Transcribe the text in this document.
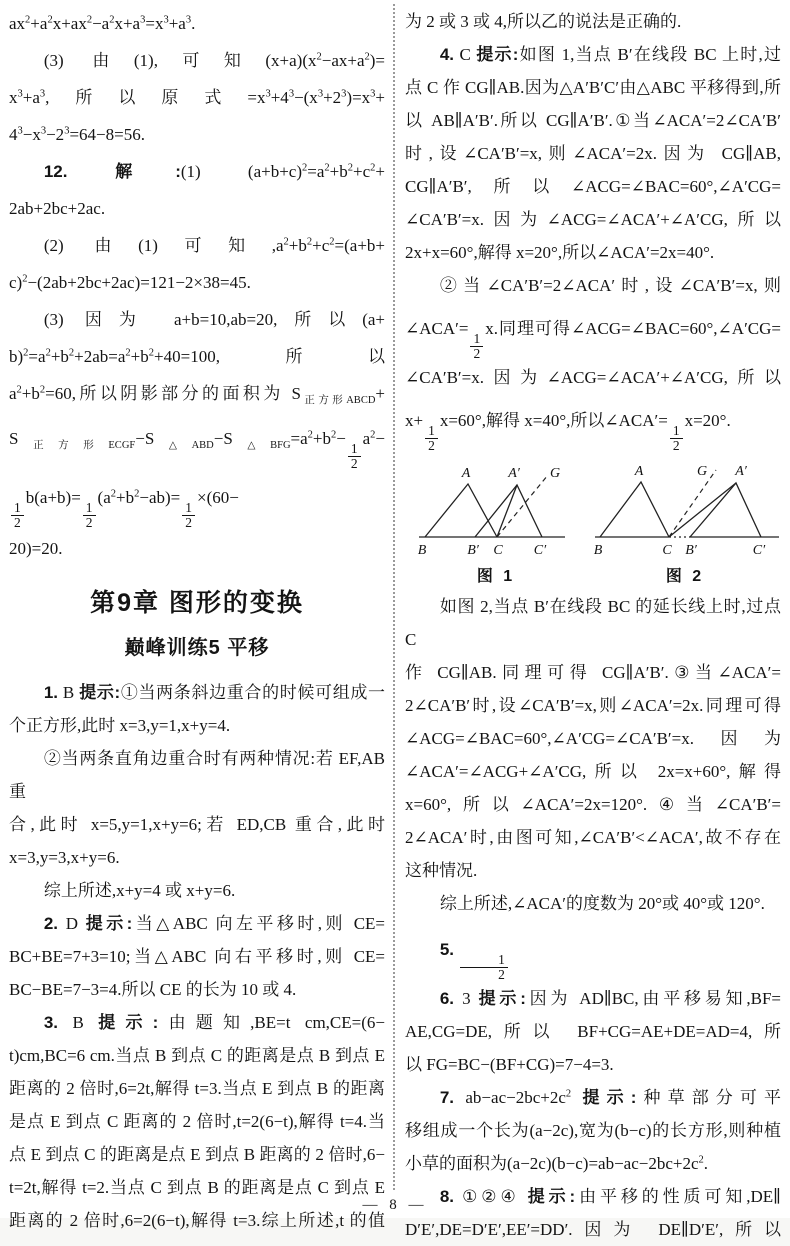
$ax^2+a^2x+ax^2-a^2x+a^3=x^3+a^3$.
(3) 由(1),可知$(x+a)(x^2-ax+a^2)=$
$x^3+a^3$,所以原式$=x^3+4^3-(x^3+2^3)=x^3+$
$4^3-x^3-2^3=64-8=56$.
12. 解:(1) $(a+b+c)^2=a^2+b^2+c^2+$
2ab+2bc+2ac.
(2) 由(1)可知$,a^2+b^2+c^2=(a+b+$
c)$^2$−(2ab+2bc+2ac)=121−2×38=45.
(3) 因为 a+b=10,ab=20,所以(a+
$b)^2=a^2+b^2+2ab=a^2+b^2+40=100$,所以
$a^2+b^2=60$,所以阴影部分的面积为 $S_{正方形ABCD}+$
$S_{正方形ECGF}-S_{\triangle ABD}-S_{\triangle BFG}=a^2+b^2-$
$\frac{1}{2}$
$a^2-$
$\frac{1}{2}$
b(a+b)=
$\frac{1}{2}$
$(a^2+b^2-ab)=$
$\frac{1}{2}$
×(60−
20)=20.
第9章 图形的变换
巅峰训练5 平移
1. B 提示:①当两条斜边重合的时候可组成一
个正方形,此时 x=3,y=1,x+y=4.
②当两条直角边重合时有两种情况:若 EF,AB 重
合,此时 x=5,y=1,x+y=6;若 ED,CB 重合,此时
x=3,y=3,x+y=6.
综上所述,x+y=4 或 x+y=6.
2. D 提示:当△ABC 向左平移时,则 CE=
BC+BE=7+3=10;当△ABC 向右平移时,则 CE=
BC−BE=7−3=4.所以 CE 的长为 10 或 4.
3. B 提示:由题知,BE=t cm,CE=(6−
t)cm,BC=6 cm.当点 B 到点 C 的距离是点 B 到点 E
距离的 2 倍时,6=2t,解得 t=3.当点 E 到点 B 的距离
是点 E 到点 C 距离的 2 倍时,t=2(6−t),解得 t=4.当
点 E 到点 C 的距离是点 E 到点 B 距离的 2 倍时,6−
t=2t,解得 t=2.当点 C 到点 B 的距离是点 C 到点 E
距离的 2 倍时,6=2(6−t),解得 t=3.综上所述,t 的值
为 2 或 3 或 4,所以乙的说法是正确的.
4. C 提示:如图 1,当点 B′在线段 BC 上时,过
点 C 作 CG∥AB.因为△A′B′C′由△ABC 平移得到,所
以 AB∥A′B′.所以 CG∥A′B′.①当∠ACA′=2∠CA′B′
时,设∠CA′B′=x,则∠ACA′=2x.因为 CG∥AB,
CG∥A′B′,所以∠ACG=∠BAC=60°,∠A′CG=
∠CA′B′=x.因为∠ACG=∠ACA′+∠A′CG,所以
2x+x=60°,解得 x=20°,所以∠ACA′=2x=40°.
②当∠CA′B′=2∠ACA′时,设∠CA′B′=x,则
∠ACA′=
$\frac{1}{2}$
x.同理可得∠ACG=∠BAC=60°,∠A′CG=
∠CA′B′=x.因为∠ACG=∠ACA′+∠A′CG,所以
x+
$\frac{1}{2}$
x=60°,解得 x=40°,所以∠ACA′=
$\frac{1}{2}$
x=20°.
A	A′ G
B	B′ C C′
图 1
A	G A′
B	C B′	C′
图 2
如图 2,当点 B′在线段 BC 的延长线上时,过点 C
作 CG∥AB.同理可得 CG∥A′B′.③当∠ACA′=
2∠CA′B′时,设∠CA′B′=x,则∠ACA′=2x.同理可得
∠ACG=∠BAC=60°,∠A′CG=∠CA′B′=x.因为
∠ACA′=∠ACG+∠A′CG,所以 2x=x+60°,解得
x=60°,所以∠ACA′=2x=120°.④当∠CA′B′=
2∠ACA′时,由图可知,∠CA′B′<∠ACA′,故不存在
这种情况.
综上所述,∠ACA′的度数为 20°或 40°或 120°.
5.
$\frac{1}{2}$
6. 3 提示:因为 AD∥BC,由平移易知,BF=
AE,CG=DE,所以 BF+CG=AE+DE=AD=4,所
以 FG=BC−(BF+CG)=7−4=3.
7. $ab-ac-2bc+2c^2$ 提示:种草部分可平
移组成一个长为(a−2c),宽为(b−c)的长方形,则种植
小草的面积为$(a-2c)(b-c)=ab-ac-2bc+2c^2$.
8. ①②④ 提示:由平移的性质可知,DE∥
D′E′,DE=D′E′,EE′=DD′.因为 DE∥D′E′,所以
— 8 —
